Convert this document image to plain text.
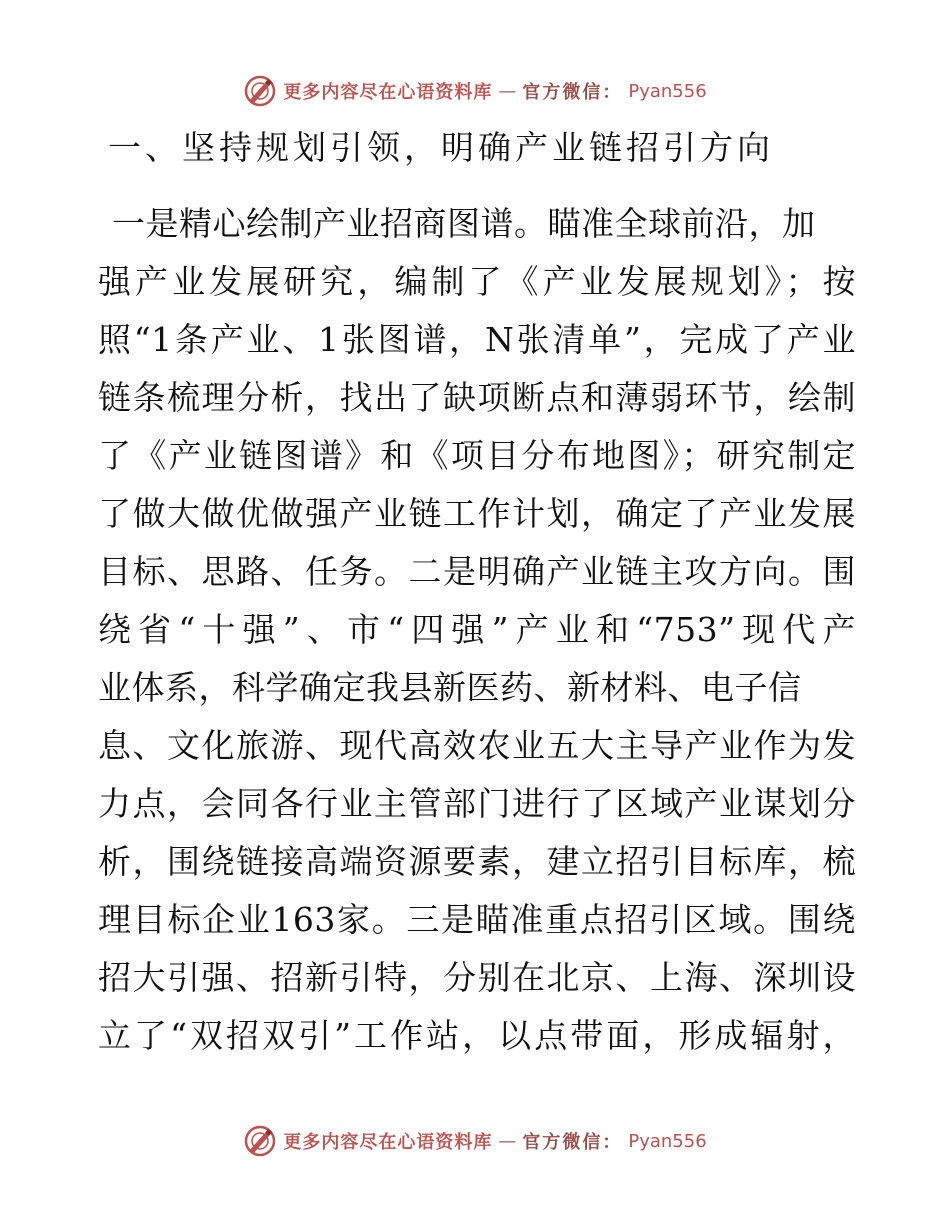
更多内容尽在心语资料库 — 官方微信： Pyan556
一、坚持规划引领，明确产业链招引方向
一是精心绘制产业招商图谱。瞄准全球前沿，加
强产业发展研究，编制了《产业发展规划》；按
照“1条产业、1张图谱，N张清单”，完成了产业
链条梳理分析，找出了缺项断点和薄弱环节，绘制
了《产业链图谱》和《项目分布地图》；研究制定
了做大做优做强产业链工作计划，确定了产业发展
目标、思路、任务。二是明确产业链主攻方向。围
绕省“十强”、市“四强”产业和“753”现代产
业体系，科学确定我县新医药、新材料、电子信
息、文化旅游、现代高效农业五大主导产业作为发
力点，会同各行业主管部门进行了区域产业谋划分
析，围绕链接高端资源要素，建立招引目标库，梳
理目标企业163家。三是瞄准重点招引区域。围绕
招大引强、招新引特，分别在北京、上海、深圳设
立了“双招双引”工作站，以点带面，形成辐射，
更多内容尽在心语资料库 — 官方微信： Pyan556
